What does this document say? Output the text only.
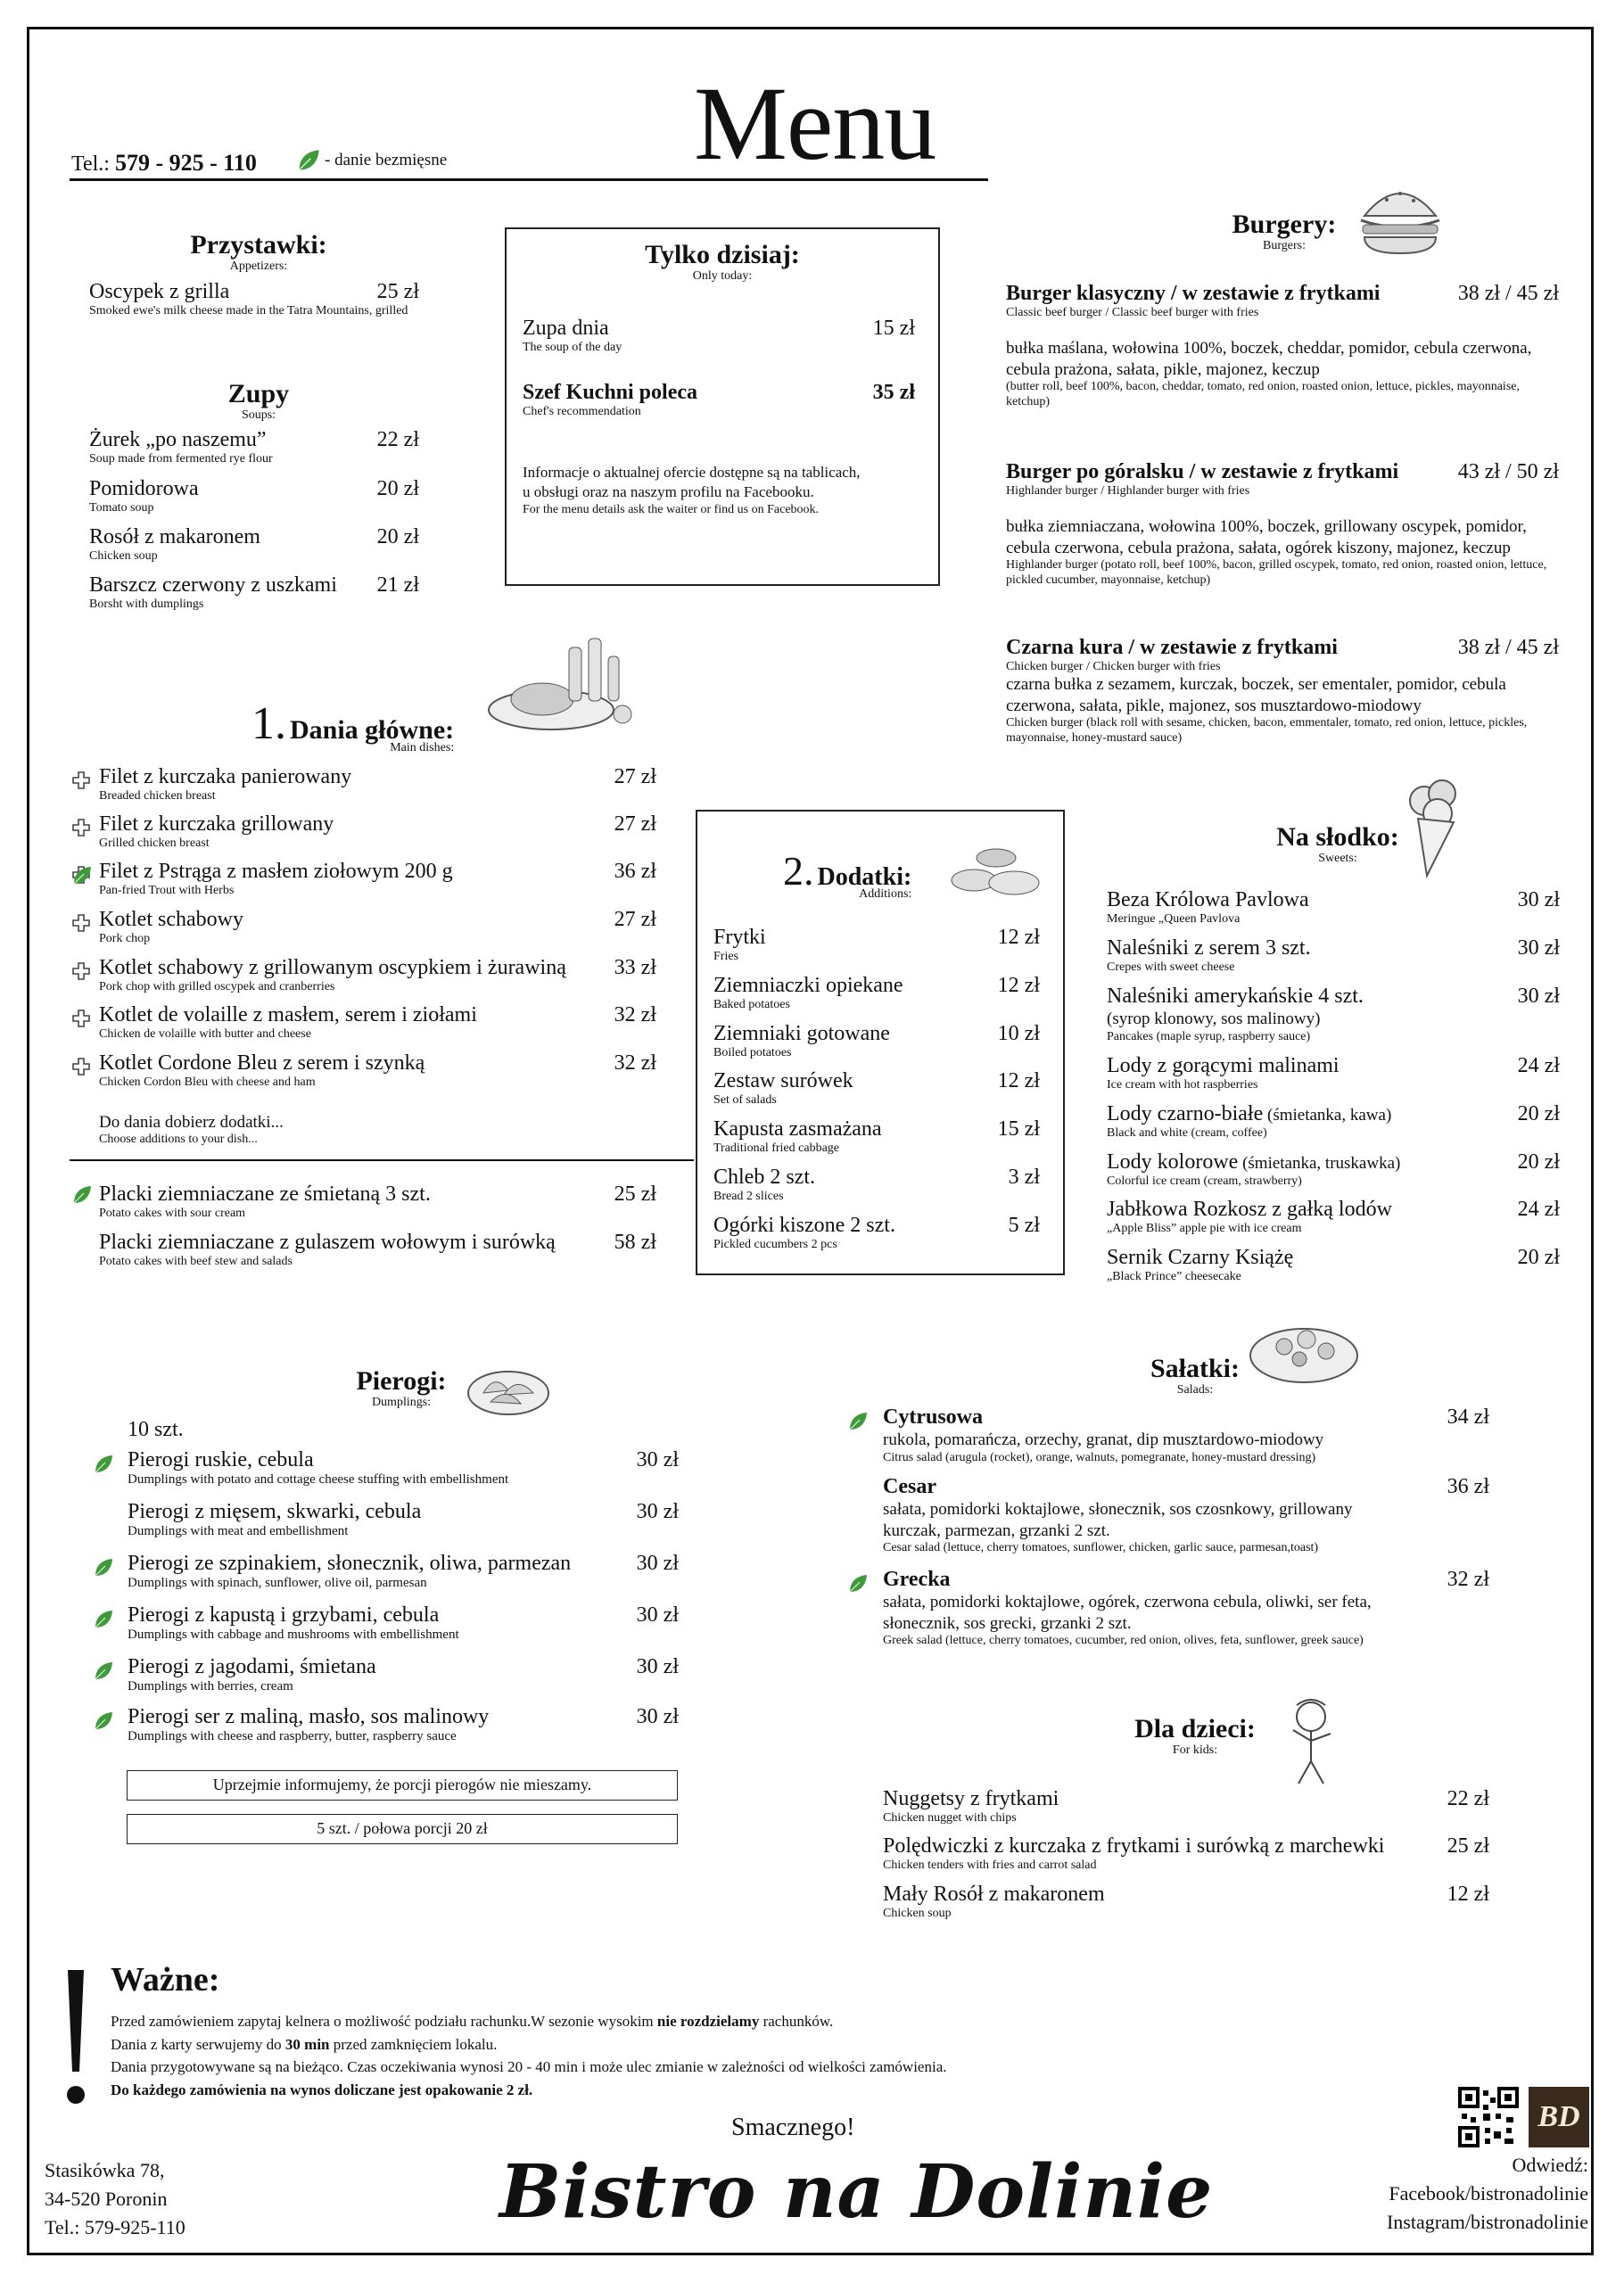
Tel.: 579 - 925 - 110	- danie bezmięsne Menu
Przystawki:
Appetizers:
Oscypek z grilla
Smoked ewe's milk cheese made in the Tatra Mountains, grilled
25 zł
Zupy
Soups:
Żurek „po naszemu”
Soup made from fermented rye flour
22 zł
Pomidorowa
Tomato soup
20 zł
Rosół z makaronem
Chicken soup
20 zł
Barszcz czerwony z uszkami
Borsht with dumplings
21 zł
Tylko dzisiaj:
Only today:
Zupa dnia
The soup of the day
15 zł
Szef Kuchni poleca
Chef's recommendation
35 zł
Informacje o aktualnej ofercie dostępne są na tablicach,
u obsługi oraz na naszym profilu na Facebooku.
For the menu details ask the waiter or find us on Facebook.
Burgery:
Burgers:
Burger klasyczny / w zestawie z frytkami
Classic beef burger / Classic beef burger with fries
38 zł / 45 zł
bułka maślana, wołowina 100%, boczek, cheddar, pomidor, cebula czerwona, cebula prażona, sałata, pikle, majonez, keczup
(butter roll, beef 100%, bacon, cheddar, tomato, red onion, roasted onion, lettuce, pickles, mayonnaise, ketchup)
Burger po góralsku / w zestawie z frytkami
Highlander burger / Highlander burger with fries
43 zł / 50 zł
bułka ziemniaczana, wołowina 100%, boczek, grillowany oscypek, pomidor, cebula czerwona, cebula prażona, sałata, ogórek kiszony, majonez, keczup
Highlander burger (potato roll, beef 100%, bacon, grilled oscypek, tomato, red onion, roasted onion, lettuce, pickled cucumber, mayonnaise, ketchup)
Czarna kura / w zestawie z frytkami
Chicken burger / Chicken burger with fries
38 zł / 45 zł
czarna bułka z sezamem, kurczak, boczek, ser ementaler, pomidor, cebula czerwona, sałata, pikle, majonez, sos musztardowo-miodowy
Chicken burger (black roll with sesame, chicken, bacon, emmentaler, tomato, red onion, lettuce, pickles, mayonnaise, honey-mustard sauce)
1. Dania główne:
Main dishes:
Filet z kurczaka panierowany
Breaded chicken breast
27 zł
Filet z kurczaka grillowany
Grilled chicken breast
27 zł
Filet z Pstrąga z masłem ziołowym 200 g
Pan-fried Trout with Herbs
36 zł
Kotlet schabowy
Pork chop
27 zł
Kotlet schabowy z grillowanym oscypkiem i żurawiną
Pork chop with grilled oscypek and cranberries
33 zł
Kotlet de volaille z masłem, serem i ziołami
Chicken de volaille with butter and cheese
32 zł
Kotlet Cordone Bleu z serem i szynką
Chicken Cordon Bleu with cheese and ham
32 zł
Do dania dobierz dodatki...
Choose additions to your dish...
Placki ziemniaczane ze śmietaną 3 szt.
Potato cakes with sour cream
25 zł
Placki ziemniaczane z gulaszem wołowym i surówką
Potato cakes with beef stew and salads
58 zł
2. Dodatki:
Additions:
Frytki
Fries
12 zł
Ziemniaczki opiekane
Baked potatoes
12 zł
Ziemniaki gotowane
Boiled potatoes
10 zł
Zestaw surówek
Set of salads
12 zł
Kapusta zasmażana
Traditional fried cabbage
15 zł
Chleb 2 szt.
Bread 2 slices
3 zł
Ogórki kiszone 2 szt.
Pickled cucumbers 2 pcs
5 zł
Na słodko:
Sweets:
Beza Królowa Pavlowa
Meringue „Queen Pavlova
30 zł
Naleśniki z serem 3 szt.
Crepes with sweet cheese
30 zł
Naleśniki amerykańskie 4 szt.
(syrop klonowy, sos malinowy)
Pancakes (maple syrup, raspberry sauce)
30 zł
Lody z gorącymi malinami
Ice cream with hot raspberries
24 zł
Lody czarno-białe (śmietanka, kawa)
Black and white (cream, coffee)
20 zł
Lody kolorowe (śmietanka, truskawka)
Colorful ice cream (cream, strawberry)
20 zł
Jabłkowa Rozkosz z gałką lodów
„Apple Bliss” apple pie with ice cream
24 zł
Sernik Czarny Książę
„Black Prince” cheesecake
20 zł
Pierogi:
Dumplings:
10 szt.
Pierogi ruskie, cebula
Dumplings with potato and cottage cheese stuffing with embellishment
30 zł
Pierogi z mięsem, skwarki, cebula
Dumplings with meat and embellishment
30 zł
Pierogi ze szpinakiem, słonecznik, oliwa, parmezan
Dumplings with spinach, sunflower, olive oil, parmesan
30 zł
Pierogi z kapustą i grzybami, cebula
Dumplings with cabbage and mushrooms with embellishment
30 zł
Pierogi z jagodami, śmietana
Dumplings with berries, cream
30 zł
Pierogi ser z maliną, masło, sos malinowy
Dumplings with cheese and raspberry, butter, raspberry sauce
30 zł
Uprzejmie informujemy, że porcji pierogów nie mieszamy.
5 szt. / połowa porcji 20 zł
Sałatki:
Salads:
Cytrusowa
rukola, pomarańcza, orzechy, granat, dip musztardowo-miodowy
Citrus salad (arugula (rocket), orange, walnuts, pomegranate, honey-mustard dressing)
34 zł
Cesar
sałata, pomidorki koktajlowe, słonecznik, sos czosnkowy, grillowany kurczak, parmezan, grzanki 2 szt.
Cesar salad (lettuce, cherry tomatoes, sunflower, chicken, garlic sauce, parmesan,toast)
36 zł
Grecka
sałata, pomidorki koktajlowe, ogórek, czerwona cebula, oliwki, ser feta, słonecznik, sos grecki, grzanki 2 szt.
Greek salad (lettuce, cherry tomatoes, cucumber, red onion, olives, feta, sunflower, greek sauce)
32 zł
Dla dzieci:
For kids:
Nuggetsy z frytkami
Chicken nugget with chips
22 zł
Polędwiczki z kurczaka z frytkami i surówką z marchewki
Chicken tenders with fries and carrot salad
25 zł
Mały Rosół z makaronem
Chicken soup
12 zł
Ważne:
Przed zamówieniem zapytaj kelnera o możliwość podziału rachunku.W sezonie wysokim nie rozdzielamy rachunków.
Dania z karty serwujemy do 30 min przed zamknięciem lokalu.
Dania przygotowywane są na bieżąco. Czas oczekiwania wynosi 20 - 40 min i może ulec zmianie w zależności od wielkości zamówienia.
Do każdego zamówienia na wynos doliczane jest opakowanie 2 zł.
Stasikówka 78,
34-520 Poronin
Tel.: 579-925-110
Smacznego!
Bistro na Dolinie
BD
Odwiedź:
Facebook/bistronadolinie
Instagram/bistronadolinie
